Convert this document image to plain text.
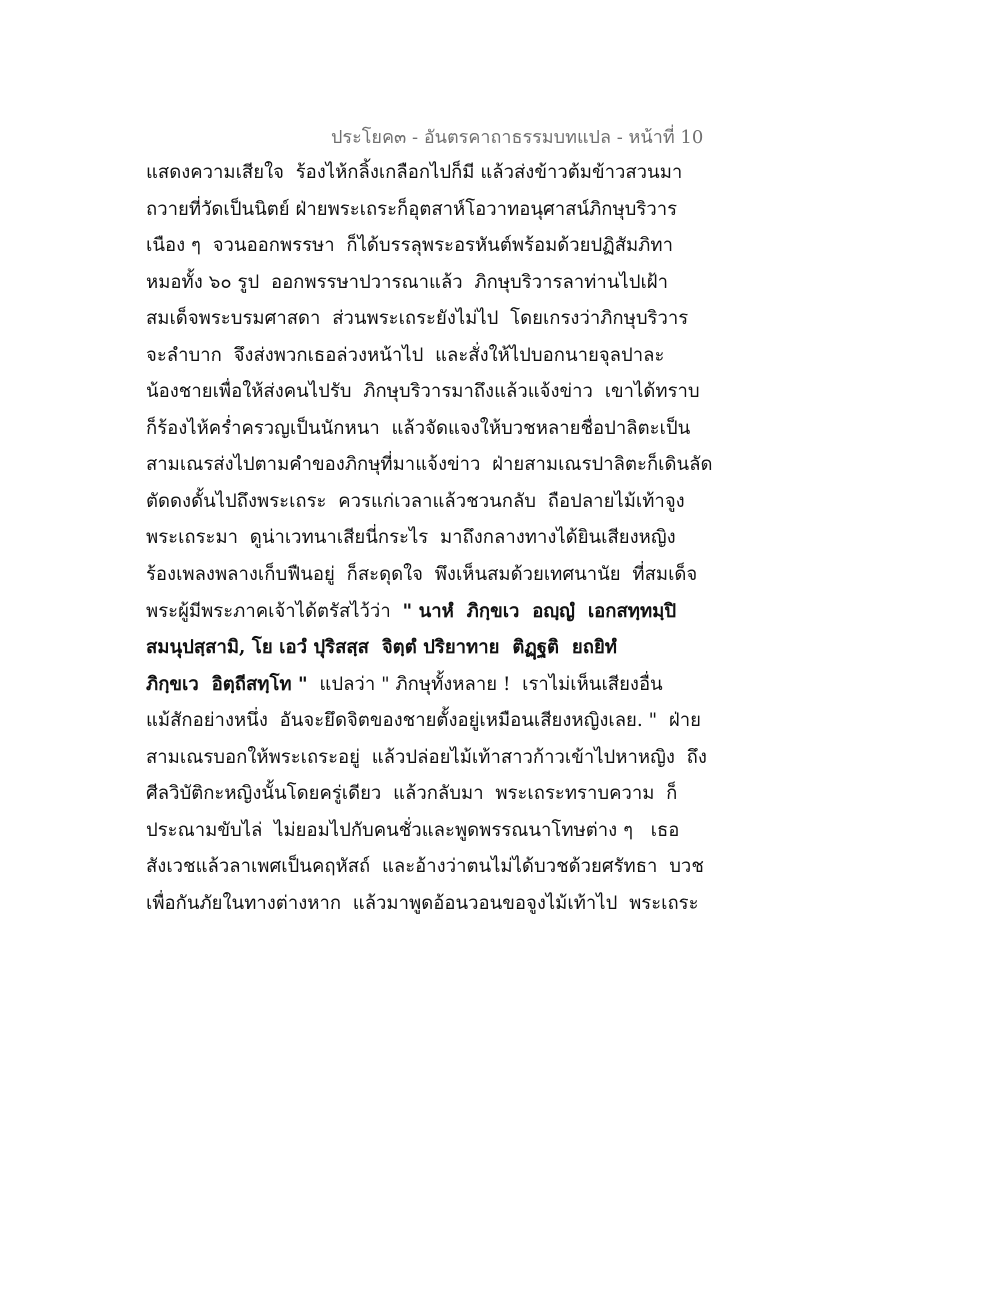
ประโยค๓ - อันตรคาถาธรรมบทแปล - หน้าที่ 10
แสดงความเสียใจ  ร้องไห้กลิ้งเกลือกไปก็มี แล้วส่งข้าวต้มข้าวสวนมา
ถวายที่วัดเป็นนิตย์ ฝ่ายพระเถระก็อุตสาห์โอวาทอนุศาสน์ภิกษุบริวาร
เนือง ๆ  จวนออกพรรษา  ก็ได้บรรลุพระอรหันต์พร้อมด้วยปฏิสัมภิทา
หมอทั้ง ๖๐ รูป  ออกพรรษาปวารณาแล้ว  ภิกษุบริวารลาท่านไปเฝ้า
สมเด็จพระบรมศาสดา  ส่วนพระเถระยังไม่ไป  โดยเกรงว่าภิกษุบริวาร
จะลำบาก  จึงส่งพวกเธอล่วงหน้าไป  และสั่งให้ไปบอกนายจุลปาละ
น้องชายเพื่อให้ส่งคนไปรับ  ภิกษุบริวารมาถึงแล้วแจ้งข่าว  เขาได้ทราบ
ก็ร้องไห้คร่ำครวญเป็นนักหนา  แล้วจัดแจงให้บวชหลายชื่อปาลิตะเป็น
สามเณรส่งไปตามคำของภิกษุที่มาแจ้งข่าว  ฝ่ายสามเณรปาลิตะก็เดินลัด
ตัดดงดั้นไปถึงพระเถระ  ควรแก่เวลาแล้วชวนกลับ  ถือปลายไม้เท้าจูง
พระเถระมา  ดูน่าเวทนาเสียนี่กระไร  มาถึงกลางทางได้ยินเสียงหญิง
ร้องเพลงพลางเก็บฟืนอยู่  ก็สะดุดใจ  พึงเห็นสมด้วยเทศนานัย  ที่สมเด็จ
พระผู้มีพระภาคเจ้าได้ตรัสไว้ว่า  " นาหํ  ภิกฺขเว  อญฺญํ  เอกสทฺทมฺปิ
สมนุปสฺสามิ, โย เอวํ ปุริสสฺส  จิตฺตํ ปริยาทาย  ติฏฺฐติ  ยถยิทํ
ภิกฺขเว  อิตฺถีสทฺโท "  แปลว่า " ภิกษุทั้งหลาย !  เราไม่เห็นเสียงอื่น
แม้สักอย่างหนึ่ง  อันจะยึดจิตของชายตั้งอยู่เหมือนเสียงหญิงเลย. "  ฝ่าย
สามเณรบอกให้พระเถระอยู่  แล้วปล่อยไม้เท้าสาวก้าวเข้าไปหาหญิง  ถึง
ศีลวิบัติกะหญิงนั้นโดยครู่เดียว  แล้วกลับมา  พระเถระทราบความ  ก็
ประณามขับไล่  ไม่ยอมไปกับคนชั่วและพูดพรรณนาโทษต่าง ๆ   เธอ
สังเวชแล้วลาเพศเป็นคฤหัสถ์  และอ้างว่าตนไม่ได้บวชด้วยศรัทธา  บวช
เพื่อกันภัยในทางต่างหาก  แล้วมาพูดอ้อนวอนขอจูงไม้เท้าไป  พระเถระ
